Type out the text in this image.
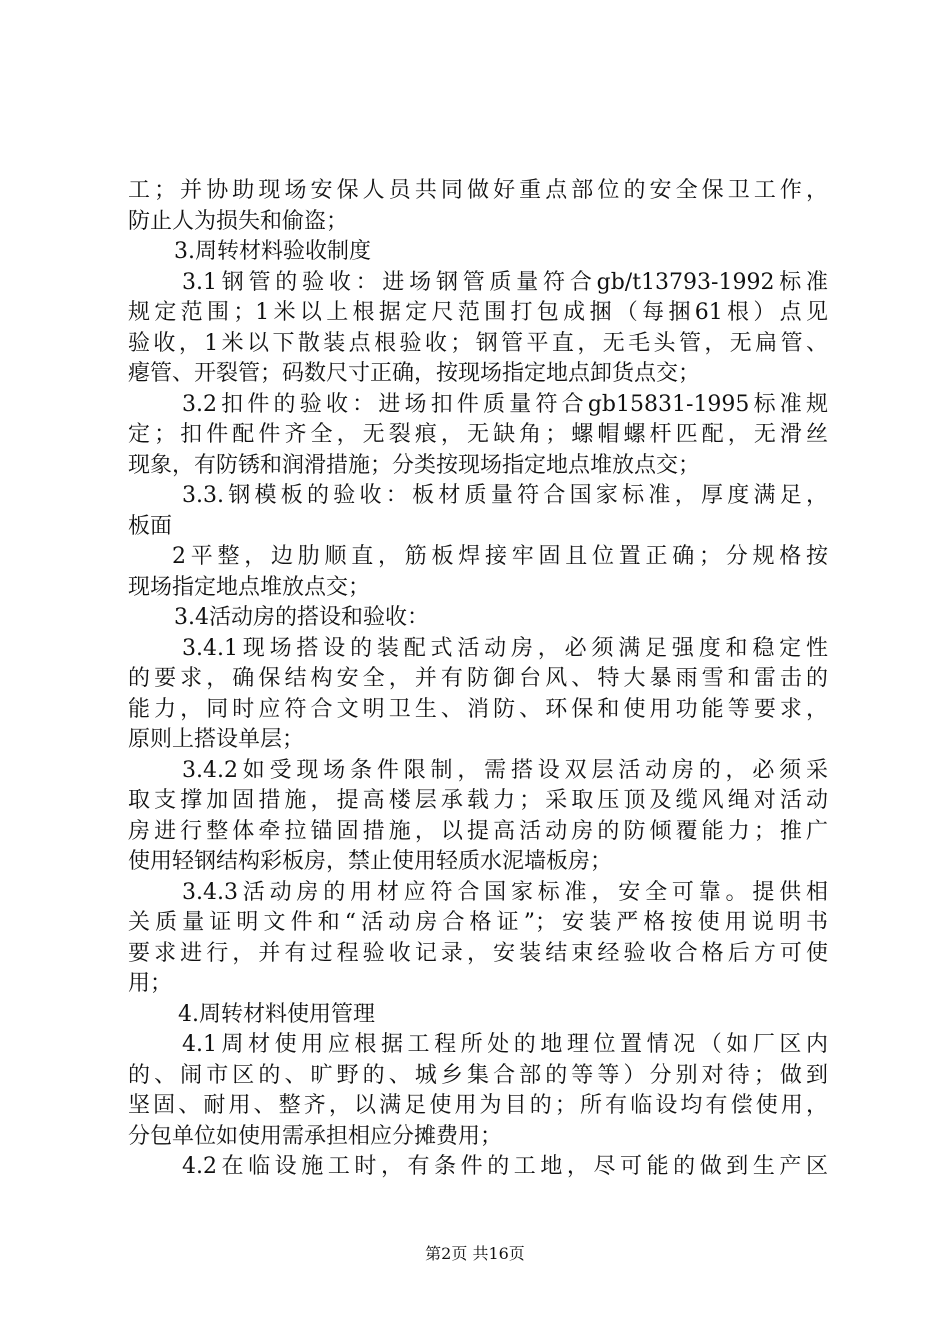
工；并协助现场安保人员共同做好重点部位的安全保卫工作，
防止人为损失和偷盗；
3.周转材料验收制度
3.1钢管的验收：进场钢管质量符合gb/t13793-1992标准
规定范围；1米以上根据定尺范围打包成捆（每捆61根）点见
验收，1米以下散装点根验收；钢管平直，无毛头管，无扁管、
瘪管、开裂管；码数尺寸正确，按现场指定地点卸货点交；
3.2扣件的验收：进场扣件质量符合gb15831-1995标准规
定；扣件配件齐全，无裂痕，无缺角；螺帽螺杆匹配，无滑丝
现象，有防锈和润滑措施；分类按现场指定地点堆放点交；
3.3.钢模板的验收：板材质量符合国家标准，厚度满足，
板面
2平整，边肋顺直，筋板焊接牢固且位置正确；分规格按
现场指定地点堆放点交；
3.4活动房的搭设和验收：
3.4.1现场搭设的装配式活动房，必须满足强度和稳定性
的要求，确保结构安全，并有防御台风、特大暴雨雪和雷击的
能力，同时应符合文明卫生、消防、环保和使用功能等要求，
原则上搭设单层；
3.4.2如受现场条件限制，需搭设双层活动房的，必须采
取支撑加固措施，提高楼层承载力；采取压顶及缆风绳对活动
房进行整体牵拉锚固措施，以提高活动房的防倾覆能力；推广
使用轻钢结构彩板房，禁止使用轻质水泥墙板房；
3.4.3活动房的用材应符合国家标准，安全可靠。提供相
关质量证明文件和“活动房合格证”；安装严格按使用说明书
要求进行，并有过程验收记录，安装结束经验收合格后方可使
用；
4.周转材料使用管理
4.1周材使用应根据工程所处的地理位置情况（如厂区内
的、闹市区的、旷野的、城乡集合部的等等）分别对待；做到
坚固、耐用、整齐，以满足使用为目的；所有临设均有偿使用，
分包单位如使用需承担相应分摊费用；
4.2在临设施工时，有条件的工地，尽可能的做到生产区
第2页 共16页
